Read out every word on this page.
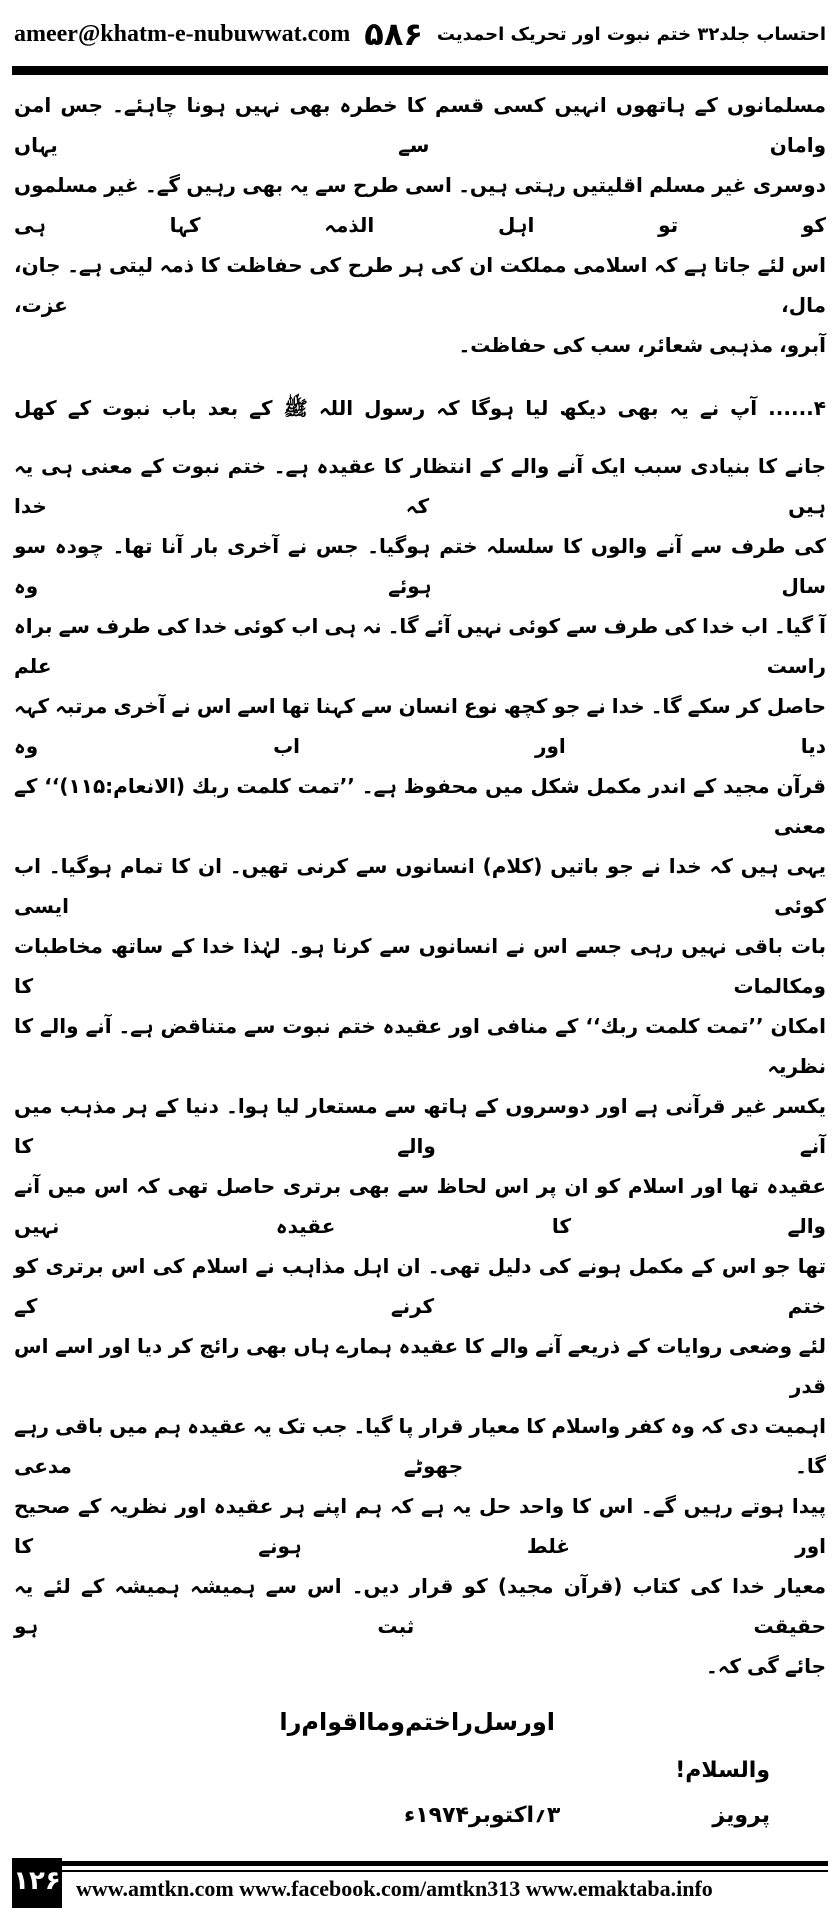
ameer@khatm-e-nubuwwat.com ۵۸۶ احتساب جلد۳۲ ختم نبوت اور تحریک احمدیت
مسلمانوں کے ہاتھوں انہیں کسی قسم کا خطرہ بھی نہیں ہونا چاہئے۔ جس امن وامان سے یہاں
دوسری غیر مسلم اقلیتیں رہتی ہیں۔ اسی طرح سے یہ بھی رہیں گے۔ غیر مسلموں کو تو اہل الذمہ کہا ہی
اس لئے جاتا ہے کہ اسلامی مملکت ان کی ہر طرح کی حفاظت کا ذمہ لیتی ہے۔ جان، مال، عزت،
آبرو، مذہبی شعائر، سب کی حفاظت۔
۴...... آپ نے یہ بھی دیکھ لیا ہوگا کہ رسول اللہ ﷺ کے بعد باب نبوت کے کھل
جانے کا بنیادی سبب ایک آنے والے کے انتظار کا عقیدہ ہے۔ ختم نبوت کے معنی ہی یہ ہیں کہ خدا
کی طرف سے آنے والوں کا سلسلہ ختم ہوگیا۔ جس نے آخری بار آنا تھا۔ چودہ سو سال ہوئے وہ
آ گیا۔ اب خدا کی طرف سے کوئی نہیں آئے گا۔ نہ ہی اب کوئی خدا کی طرف سے براہ راست علم
حاصل کر سکے گا۔ خدا نے جو کچھ نوع انسان سے کہنا تھا اسے اس نے آخری مرتبہ کہہ دیا اور اب وہ
قرآن مجید کے اندر مکمل شکل میں محفوظ ہے۔ ’’تمت کلمت ربك (الانعام:۱۱۵)‘‘ کے معنی
یہی ہیں کہ خدا نے جو باتیں (کلام) انسانوں سے کرنی تھیں۔ ان کا تمام ہوگیا۔ اب کوئی ایسی
بات باقی نہیں رہی جسے اس نے انسانوں سے کرنا ہو۔ لہٰذا خدا کے ساتھ مخاطبات ومکالمات کا
امکان ’’تمت کلمت ربك‘‘ کے منافی اور عقیدہ ختم نبوت سے متناقض ہے۔ آنے والے کا نظریہ
یکسر غیر قرآنی ہے اور دوسروں کے ہاتھ سے مستعار لیا ہوا۔ دنیا کے ہر مذہب میں آنے والے کا
عقیدہ تھا اور اسلام کو ان پر اس لحاظ سے بھی برتری حاصل تھی کہ اس میں آنے والے کا عقیدہ نہیں
تھا جو اس کے مکمل ہونے کی دلیل تھی۔ ان اہل مذاہب نے اسلام کی اس برتری کو ختم کرنے کے
لئے وضعی روایات کے ذریعے آنے والے کا عقیدہ ہمارے ہاں بھی رائج کر دیا اور اسے اس قدر
اہمیت دی کہ وہ کفر واسلام کا معیار قرار پا گیا۔ جب تک یہ عقیدہ ہم میں باقی رہے گا۔ جھوٹے مدعی
پیدا ہوتے رہیں گے۔ اس کا واحد حل یہ ہے کہ ہم اپنے ہر عقیدہ اور نظریہ کے صحیح اور غلط ہونے کا
معیار خدا کی کتاب (قرآن مجید) کو قرار دیں۔ اس سے ہمیشہ ہمیشہ کے لئے یہ حقیقت ثبت ہو
جائے گی کہ۔
او
رسل
را
ختم
وما
اقوام
را
والسلام!
پرویز
۳؍اکتوبر۱۹۷۴ء
۱۲۶ www.amtkn.com www.facebook.com/amtkn313 www.emaktaba.info
